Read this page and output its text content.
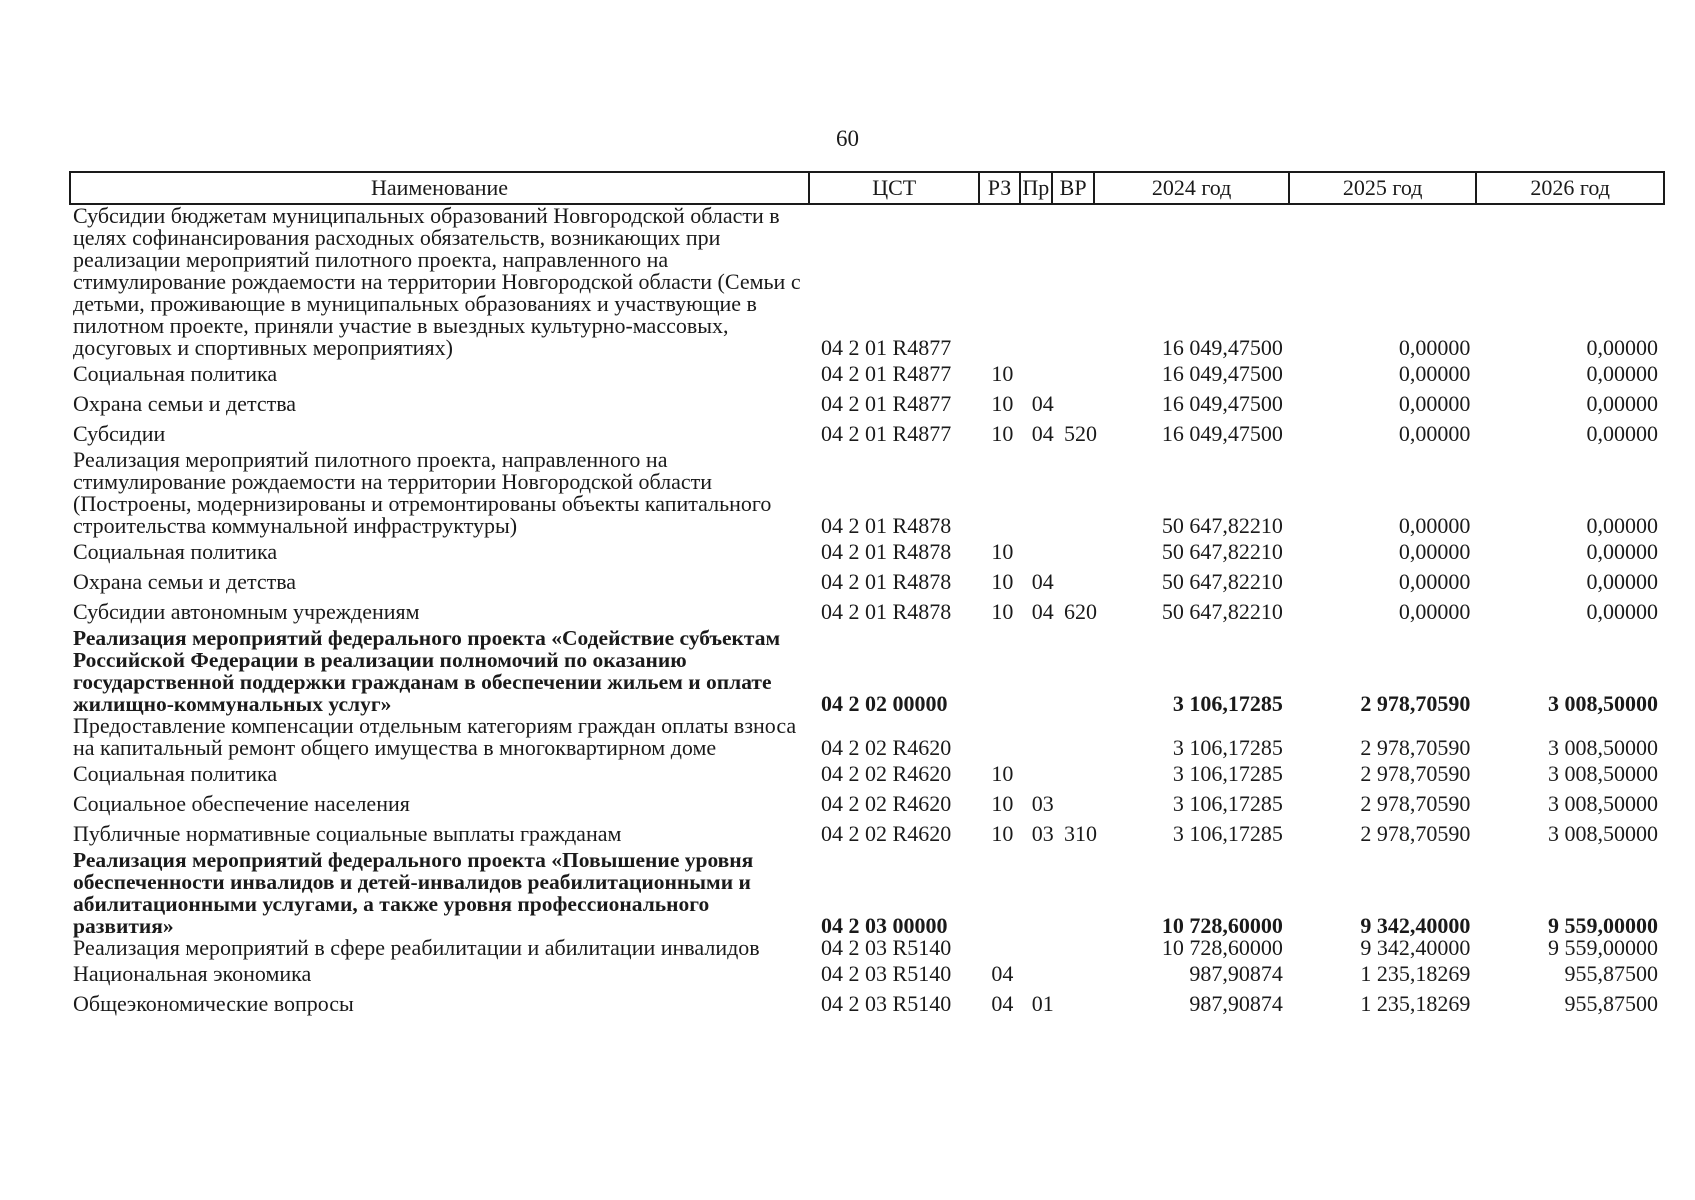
60
Наименование	ЦСТ	РЗ	Пр	ВР	2024 год	2025 год	2026 год
Субсидии бюджетам муниципальных образований Новгородской области в целях софинансирования расходных обязательств, возникающих при реализации мероприятий пилотного проекта, направленного на стимулирование рождаемости на территории Новгородской области (Семьи с детьми, проживающие в муниципальных образованиях и участвующие в пилотном проекте, приняли участие в выездных культурно-массовых, досуговых и спортивных мероприятиях)	04 2 01 R4877				16 049,47500	0,00000	0,00000
Социальная политика	04 2 01 R4877	10			16 049,47500	0,00000	0,00000
Охрана семьи и детства	04 2 01 R4877	10	04		16 049,47500	0,00000	0,00000
Субсидии	04 2 01 R4877	10	04	520	16 049,47500	0,00000	0,00000
Реализация мероприятий пилотного проекта, направленного на стимулирование рождаемости на территории Новгородской области (Построены, модернизированы и отремонтированы объекты капитального строительства коммунальной инфраструктуры)	04 2 01 R4878				50 647,82210	0,00000	0,00000
Социальная политика	04 2 01 R4878	10			50 647,82210	0,00000	0,00000
Охрана семьи и детства	04 2 01 R4878	10	04		50 647,82210	0,00000	0,00000
Субсидии автономным учреждениям	04 2 01 R4878	10	04	620	50 647,82210	0,00000	0,00000
Реализация мероприятий федерального проекта «Содействие субъектам Российской Федерации в реализации полномочий по оказанию государственной поддержки гражданам в обеспечении жильем и оплате жилищно-коммунальных услуг»	04 2 02 00000				3 106,17285	2 978,70590	3 008,50000
Предоставление компенсации отдельным категориям граждан оплаты взноса на капитальный ремонт общего имущества в многоквартирном доме	04 2 02 R4620				3 106,17285	2 978,70590	3 008,50000
Социальная политика	04 2 02 R4620	10			3 106,17285	2 978,70590	3 008,50000
Социальное обеспечение населения	04 2 02 R4620	10	03		3 106,17285	2 978,70590	3 008,50000
Публичные нормативные социальные выплаты гражданам	04 2 02 R4620	10	03	310	3 106,17285	2 978,70590	3 008,50000
Реализация мероприятий федерального проекта «Повышение уровня обеспеченности инвалидов и детей-инвалидов реабилитационными и абилитационными услугами, а также уровня профессионального развития»	04 2 03 00000				10 728,60000	9 342,40000	9 559,00000
Реализация мероприятий в сфере реабилитации и абилитации инвалидов	04 2 03 R5140				10 728,60000	9 342,40000	9 559,00000
Национальная экономика	04 2 03 R5140	04			987,90874	1 235,18269	955,87500
Общеэкономические вопросы	04 2 03 R5140	04	01		987,90874	1 235,18269	955,87500
